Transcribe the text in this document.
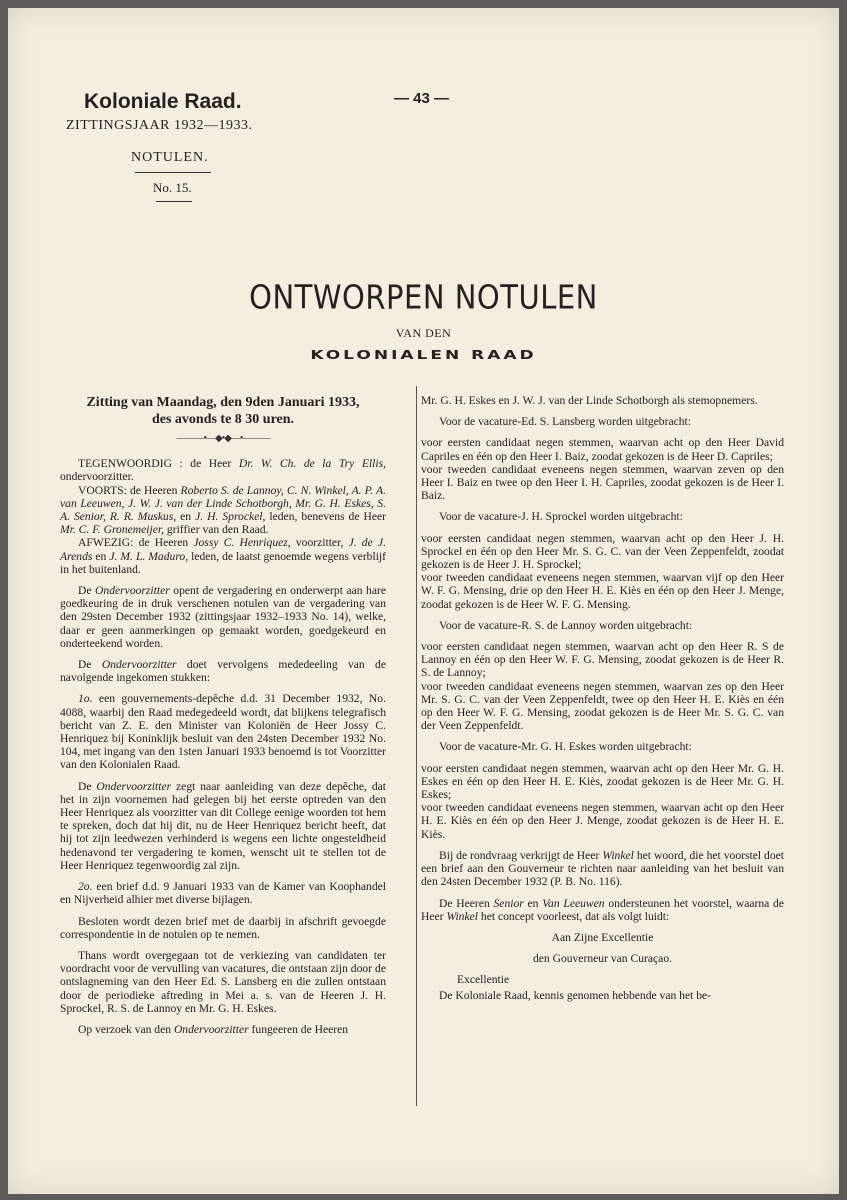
Koloniale Raad.
ZITTINGSJAAR 1932—1933.
— 43 —
NOTULEN.
No. 15.
ONTWORPEN NOTULEN
VAN DEN
KOLONIALEN RAAD
Zitting van Maandag, den 9den Januari 1933,
des avonds te 8 30 uren.
———•—◆•◆—•———

TEGENWOORDIG : de Heer Dr. W. Ch. de la Try Ellis, ondervoorzitter.

VOORTS: de Heeren Roberto S. de Lannoy, C. N. Winkel, A. P. A. van Leeuwen, J. W. J. van der Linde Schotborgh, Mr. G. H. Eskes, S. A. Senior, R. R. Muskus, en J. H. Sprockel, leden, benevens de Heer Mr. C. F. Gronemeijer, griffier van den Raad.

AFWEZIG: de Heeren Jossy C. Henriquez, voorzitter, J. de J. Arends en J. M. L. Maduro, leden, de laatst genoemde wegens verblijf in het buitenland.

De Ondervoorzitter opent de vergadering en onderwerpt aan hare goedkeuring de in druk verschenen notulen van de vergadering van den 29sten December 1932 (zittingsjaar 1932–1933 No. 14), welke, daar er geen aanmerkingen op gemaakt worden, goedgekeurd en onderteekend worden.

De Ondervoorzitter doet vervolgens mededeeling van de navolgende ingekomen stukken:

1o. een gouvernements-depêche d.d. 31 December 1932, No. 4088, waarbij den Raad medegedeeld wordt, dat blijkens telegrafisch bericht van Z. E. den Minister van Koloniën de Heer Jossy C. Henriquez bij Koninklijk besluit van den 24sten December 1932 No. 104, met ingang van den 1sten Januari 1933 benoemd is tot Voorzitter van den Kolonialen Raad.

De Ondervoorzitter zegt naar aanleiding van deze depêche, dat het in zijn voornemen had gelegen bij het eerste optreden van den Heer Henriquez als voorzitter van dit College eenige woorden tot hem te spreken, doch dat hij dit, nu de Heer Henriquez bericht heeft, dat hij tot zijn leedwezen verhinderd is wegens een lichte ongesteldheid hedenavond ter vergadering te komen, wenscht uit te stellen tot de Heer Henriquez tegenwoordig zal zijn.

2o. een brief d.d. 9 Januari 1933 van de Kamer van Koophandel en Nijverheid alhier met diverse bijlagen.

Besloten wordt dezen brief met de daarbij in afschrift gevoegde correspondentie in de notulen op te nemen.

Thans wordt overgegaan tot de verkiezing van candidaten ter voordracht voor de vervulling van vacatures, die ontstaan zijn door de ontslagneming van den Heer Ed. S. Lansberg en die zullen ontstaan door de periodieke aftreding in Mei a. s. van de Heeren J. H. Sprockel, R. S. de Lannoy en Mr. G. H. Eskes.

Op verzoek van den Ondervoorzitter fungeeren de Heeren

Mr. G. H. Eskes en J. W. J. van der Linde Schotborgh als stemopnemers.

Voor de vacature-Ed. S. Lansberg worden uitgebracht:

voor eersten candidaat negen stemmen, waarvan acht op den Heer David Capriles en één op den Heer I. Baiz, zoodat gekozen is de Heer D. Capriles;

voor tweeden candidaat eveneens negen stemmen, waarvan zeven op den Heer I. Baiz en twee op den Heer I. H. Capriles, zoodat gekozen is de Heer I. Baiz.

Voor de vacature-J. H. Sprockel worden uitgebracht:

voor eersten candidaat negen stemmen, waarvan acht op den Heer J. H. Sprockel en één op den Heer Mr. S. G. C. van der Veen Zeppenfeldt, zoodat gekozen is de Heer J. H. Sprockel;

voor tweeden candidaat eveneens negen stemmen, waarvan vijf op den Heer W. F. G. Mensing, drie op den Heer H. E. Kiès en één op den Heer J. Menge, zoodat gekozen is de Heer W. F. G. Mensing.

Voor de vacature-R. S. de Lannoy worden uitgebracht:

voor eersten candidaat negen stemmen, waarvan acht op den Heer R. S de Lannoy en één op den Heer W. F. G. Mensing, zoodat gekozen is de Heer R. S. de Lannoy;

voor tweeden candidaat eveneens negen stemmen, waarvan zes op den Heer Mr. S. G. C. van der Veen Zeppenfeldt, twee op den Heer H. E. Kiès en één op den Heer W. F. G. Mensing, zoodat gekozen is de Heer Mr. S. G. C. van der Veen Zeppenfeldt.

Voor de vacature-Mr. G. H. Eskes worden uitgebracht:

voor eersten candidaat negen stemmen, waarvan acht op den Heer Mr. G. H. Eskes en één op den Heer H. E. Kiès, zoodat gekozen is de Heer Mr. G. H. Eskes;

voor tweeden candidaat eveneens negen stemmen, waarvan acht op den Heer H. E. Kiès en één op den Heer J. Menge, zoodat gekozen is de Heer H. E. Kiès.

Bij de rondvraag verkrijgt de Heer Winkel het woord, die het voorstel doet een brief aan den Gouverneur te richten naar aanleiding van het besluit van den 24sten December 1932 (P. B. No. 116).

De Heeren Senior en Van Leeuwen ondersteunen het voorstel, waarna de Heer Winkel het concept voorleest, dat als volgt luidt:

Aan Zijne Excellentie

den Gouverneur van Curaçao.

Excellentie

De Koloniale Raad, kennis genomen hebbende van het be-
